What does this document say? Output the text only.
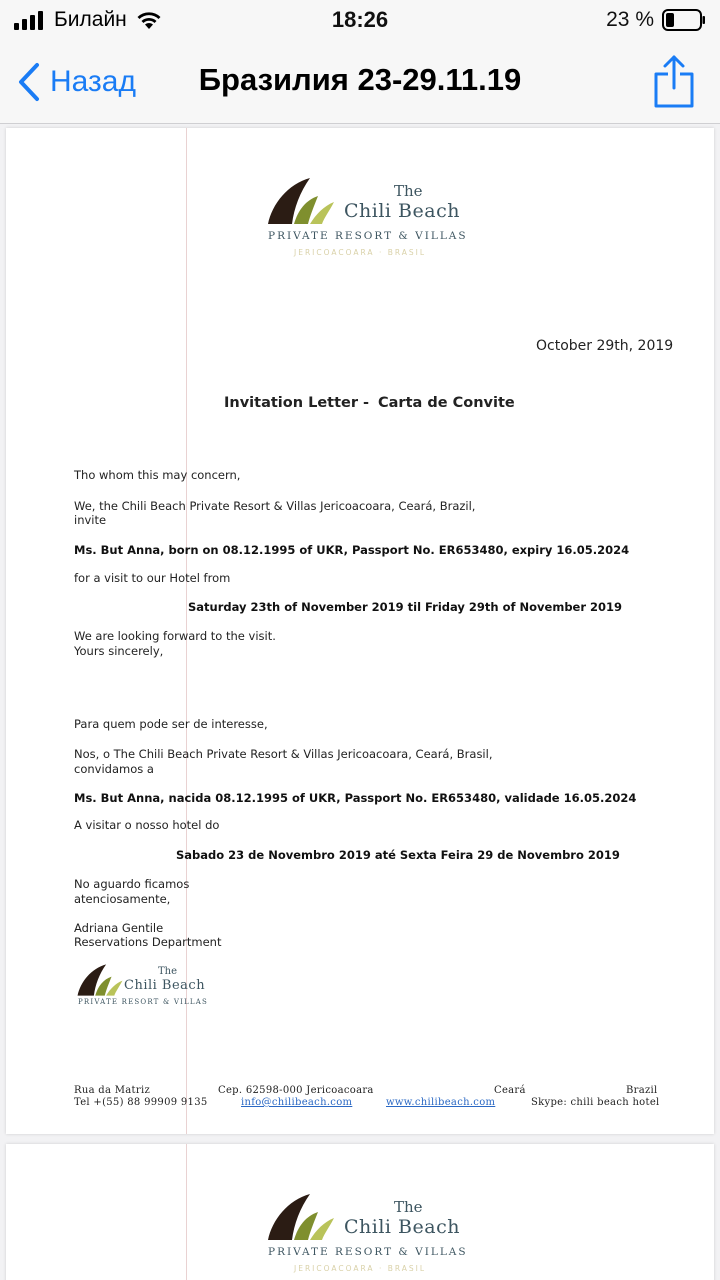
Билайн	18:26	23 %
Назад	Бразилия 23-29.11.19
The
Chili Beach
PRIVATE RESORT & VILLAS
JERICOACOARA · BRASIL
October 29th, 2019
Invitation Letter - Carta de Convite
Tho whom this may concern,
We, the Chili Beach Private Resort & Villas Jericoacoara, Ceará, Brazil,
invite
Ms. But Anna, born on 08.12.1995 of UKR, Passport No. ER653480, expiry 16.05.2024
for a visit to our Hotel from
Saturday 23th of November 2019 til Friday 29th of November 2019
We are looking forward to the visit.
Yours sincerely,
Para quem pode ser de interesse,
Nos, o The Chili Beach Private Resort & Villas Jericoacoara, Ceará, Brasil,
convidamos a
Ms. But Anna, nacida 08.12.1995 of UKR, Passport No. ER653480, validade 16.05.2024
A visitar o nosso hotel do
Sabado 23 de Novembro 2019 até Sexta Feira 29 de Novembro 2019
No aguardo ficamos
atenciosamente,
Adriana Gentile
Reservations Department
The
Chili Beach
PRIVATE RESORT & VILLAS
Rua da Matriz	Cep. 62598-000 Jericoacoara	Ceará	Brazil
Tel +(55) 88 99909 9135	info@chilibeach.com	www.chilibeach.com	Skype: chili beach hotel
The
Chili Beach
PRIVATE RESORT & VILLAS
JERICOACOARA · BRASIL
